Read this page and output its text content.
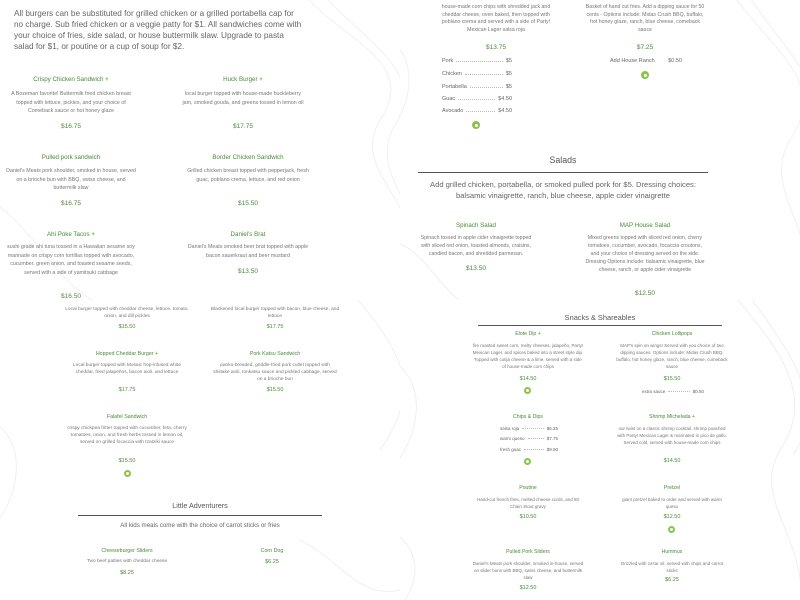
All burgers can be substituted for grilled chicken or a grilled portabella cap for no charge. Sub fried chicken or a veggie patty for $1. All sandwiches come with your choice of fries, side salad, or house buttermilk slaw. Upgrade to pasta salad for $1, or poutine or a cup of soup for $2.
Crispy Chicken Sandwich +
A Bozeman favorite! Buttermilk fried chicken breast topped with lettuce, pickles, and your choice of Comeback sauce or hot honey glaze
$16.75
Huck Burger +
local burger topped with house-made huckleberry jam, smoked gouda, and greens tossed in lemon oil
$17.75
Pulled pork sandwich
Daniel's Meats pork shoulder, smoked in house, served on a brioche bun with BBQ, swiss cheese, and buttermilk slaw
$16.75
Border Chicken Sandwich
Grilled chicken breast topped with pepperjack, fresh guac, poblano crema, lettuce, and red onion
$15.50
Ahi Poke Tacos +
sushi grade ahi tuna tossed in a Hawaiian sesame soy marinade on crispy corn tortillas topped with avocado, cucumber, green onion, and toasted sesame seeds, served with a side of yamitsuki cabbage
$16.50
Daniel's Brat
Daniel's Meats smoked beer brat topped with apple bacon sauerkraut and beer mustard
$13.50
house-made corn chips with shredded jack and cheddar cheese, oven baked, then topped with poblano crema and served with a side of Party! Mexican Lager salsa roja
$13.75
Pork	$5
Chicken	$5
Portabella	$5
Guac	$4.50
Avocado	$4.50
Basket of hand cut fries. Add a dipping sauce for 50 cents - Options include: Midas Crush BBQ, buffalo, hot honey glaze, ranch, blue cheese, comeback sauce
$7.25
Add House Ranch $0.50
Salads
Add grilled chicken, portabella, or smoked pulled pork for $5. Dressing choices: balsamic vinaigrette, ranch, blue cheese, apple cider vinaigrette
Spinach Salad
Spinach tossed in apple cider vinaigrette topped with sliced red onion, toasted almonds, craisins, candied bacon, and shredded parmesan.
$13.50
MAP House Salad
Mixed greens topped with sliced red onion, cherry tomatoes, cucumber, avocado, focaccia croutons, and your choice of dressing served on the side. Dressing Options include: balsamic vinaigrette, blue cheese, ranch, or apple cider vinaigrette
$12.50
Local burger topped with cheddar cheese, lettuce, tomato, onion, and dill pickles
$15.50
Blackened local burger topped with bacon, blue cheese, and lettuce
$17.75
Hopped Cheddar Burger +
Local burger topped with Mosaic hop-infused white cheddar, fried jalapeños, bacon aioli, and lettuce
$17.75
Pork Katsu Sandwich
panko-breaded, griddle-fried pork cutlet topped with shiitake aioli, tonkatsu sauce and pickled cabbage, served on a brioche bun
$15.50
Falafel Sandwich
crispy chickpea fritter topped with cucumber, feta, cherry tomatoes, onion, and fresh herbs tossed in lemon oil, served on grilled focaccia with tzatziki sauce
$15.50
Little Adventurers
All kids meals come with the choice of carrot sticks or fries
Cheeseburger Sliders
Two beef patties with cheddar cheese
$8.25
Corn Dog
$6.25
Snacks & Shareables
Elote Dip +
fire roasted sweet corn, melty cheeses, jalapeño, Party! Mexican Lager, and spices baked into a street style dip. Topped with cotija cheese & a lime. served with a side of house-made corn chips
$14.50
Chicken Lollipops
MAP's spin on wings! Served with you choice of two dipping sauces. Options include: Midas Crush BBQ, buffalo, hot honey glaze, ranch, blue cheese, comeback sauce
$15.50
extra sauce	$0.50
Chips & Dips
salsa roja	$6.25
warm queso	$7.75
fresh guac	$9.50
Shrimp Michelada +
our twist on a classic shrimp cocktail. shrimp poached with Party! Mexican Lager & marinated in pico de gallo. Served cold, served with house-made corn chips
$14.50
Poutine
Hand-cut french fries, melted cheese curds, and 80 Chain Stout gravy
$10.50
Pretzel
giant pretzel baked to order and served with warm queso
$12.50
Pulled Pork Sliders
Daniel's Meats pork shoulder, smoked in-house, served on slider buns with BBQ, swiss cheese, and buttermilk slaw
$12.50
Hummus
Drizzled with za'tar oil, served with chips and carrot sticks
$6.25
